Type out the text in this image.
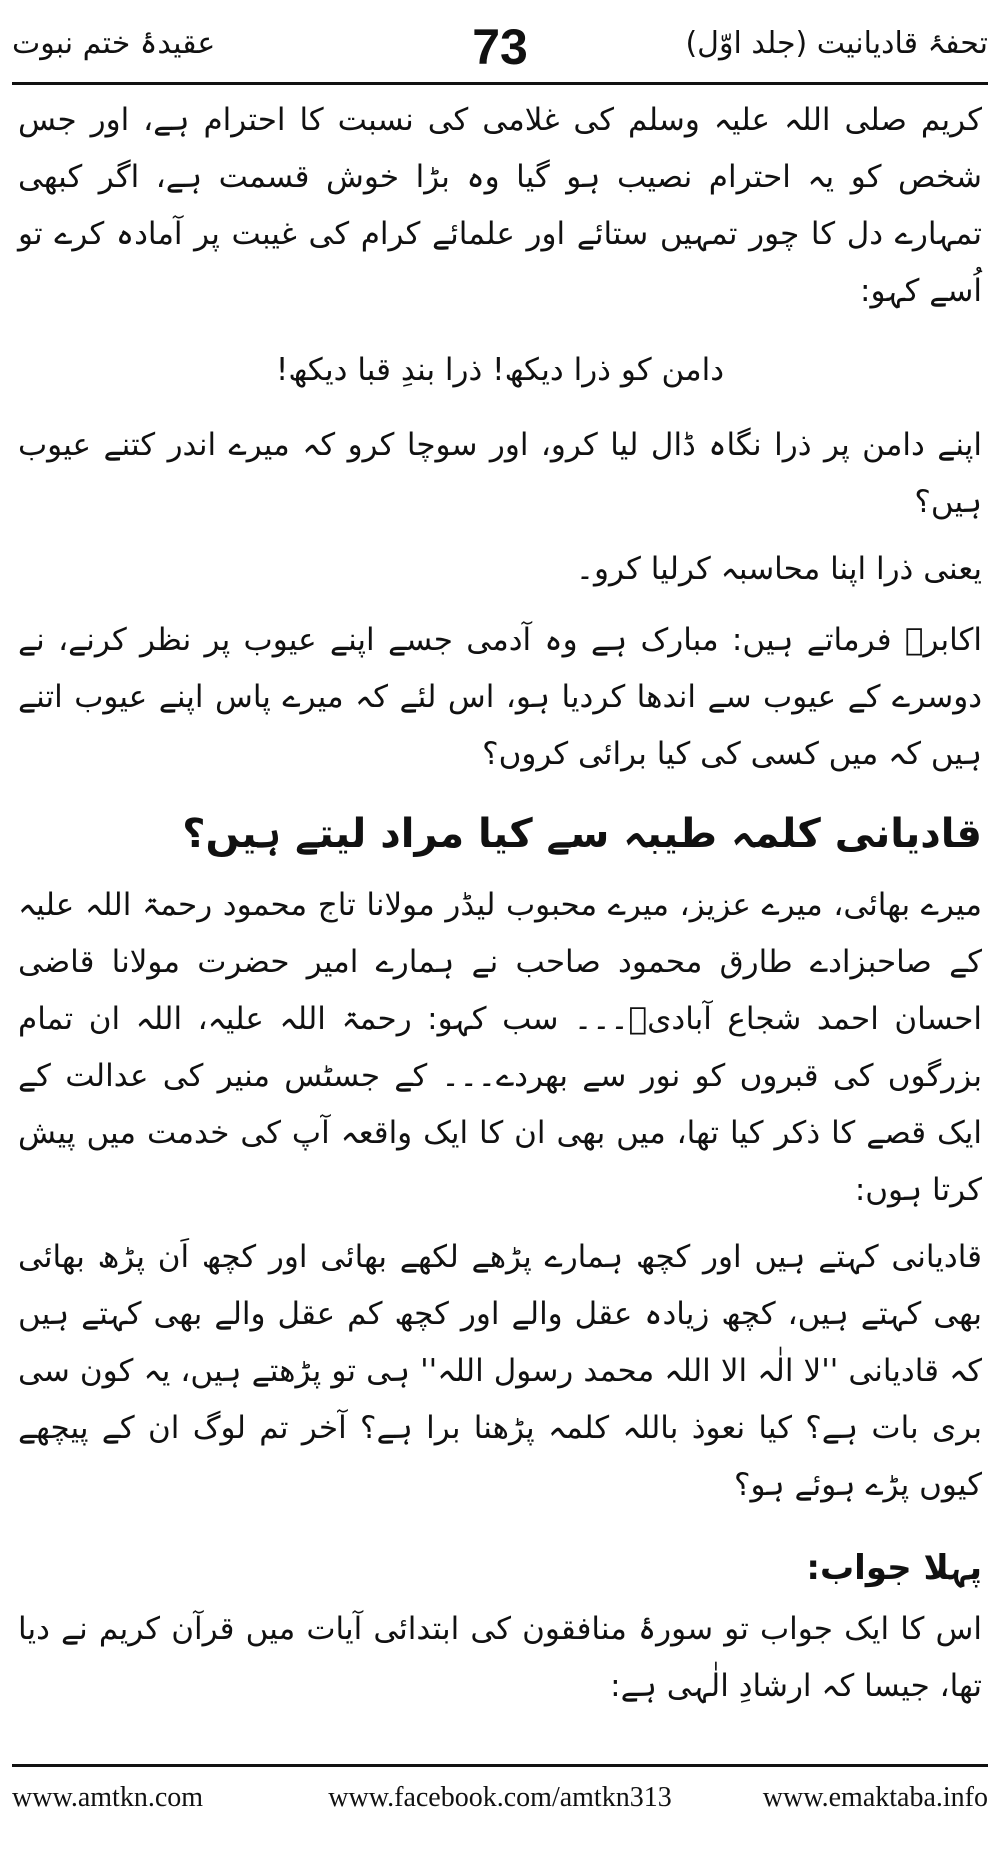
تحفۂ قادیانیت (جلد اوّل)
73
عقیدۂ ختم نبوت

کریم صلی اللہ علیہ وسلم کی غلامی کی نسبت کا احترام ہے، اور جس شخص کو یہ احترام نصیب ہو گیا وہ بڑا خوش قسمت ہے، اگر کبھی تمہارے دل کا چور تمہیں ستائے اور علمائے کرام کی غیبت پر آمادہ کرے تو اُسے کہو:

دامن کو ذرا دیکھ! ذرا بندِ قبا دیکھ!

اپنے دامن پر ذرا نگاہ ڈال لیا کرو، اور سوچا کرو کہ میرے اندر کتنے عیوب ہیں؟

یعنی ذرا اپنا محاسبہ کرلیا کرو۔

اکابرؒ فرماتے ہیں: مبارک ہے وہ آدمی جسے اپنے عیوب پر نظر کرنے، نے دوسرے کے عیوب سے اندھا کردیا ہو، اس لئے کہ میرے پاس اپنے عیوب اتنے ہیں کہ میں کسی کی کیا برائی کروں؟

قادیانی کلمہ طیبہ سے کیا مراد لیتے ہیں؟

میرے بھائی، میرے عزیز، میرے محبوب لیڈر مولانا تاج محمود رحمۃ اللہ علیہ کے صاحبزادے طارق محمود صاحب نے ہمارے امیر حضرت مولانا قاضی احسان احمد شجاع آبادیؒ۔۔۔ سب کہو: رحمۃ اللہ علیہ، اللہ ان تمام بزرگوں کی قبروں کو نور سے بھردے۔۔۔ کے جسٹس منیر کی عدالت کے ایک قصے کا ذکر کیا تھا، میں بھی ان کا ایک واقعہ آپ کی خدمت میں پیش کرتا ہوں:

قادیانی کہتے ہیں اور کچھ ہمارے پڑھے لکھے بھائی اور کچھ اَن پڑھ بھائی بھی کہتے ہیں، کچھ زیادہ عقل والے اور کچھ کم عقل والے بھی کہتے ہیں کہ قادیانی ''لا الٰہ الا اللہ محمد رسول اللہ'' ہی تو پڑھتے ہیں، یہ کون سی بری بات ہے؟ کیا نعوذ باللہ کلمہ پڑھنا برا ہے؟ آخر تم لوگ ان کے پیچھے کیوں پڑے ہوئے ہو؟

پہلا جواب:

اس کا ایک جواب تو سورۂ منافقون کی ابتدائی آیات میں قرآن کریم نے دیا تھا، جیسا کہ ارشادِ الٰہی ہے:

www.amtkn.com	www.facebook.com/amtkn313	www.emaktaba.info
